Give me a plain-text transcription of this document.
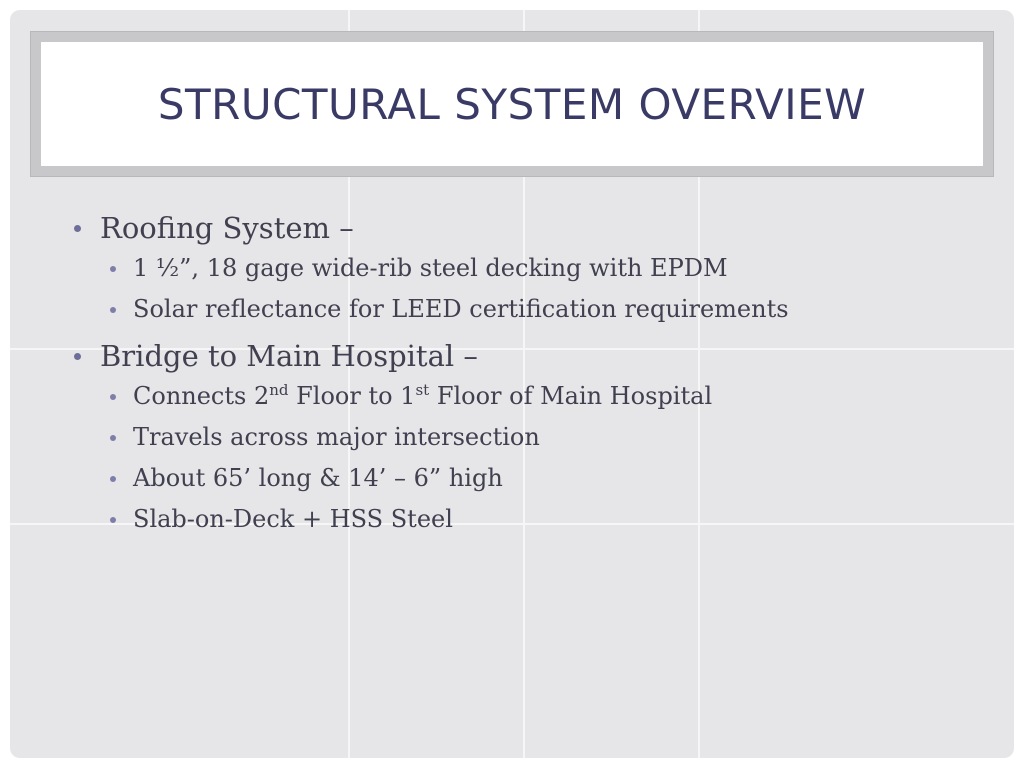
STRUCTURAL SYSTEM OVERVIEW
Roofing System –
1 ½”, 18 gage wide-rib steel decking with EPDM
Solar reflectance for LEED certification requirements
Bridge to Main Hospital –
Connects 2nd Floor to 1st Floor of Main Hospital
Travels across major intersection
About 65’ long & 14’ – 6” high
Slab-on-Deck + HSS Steel
